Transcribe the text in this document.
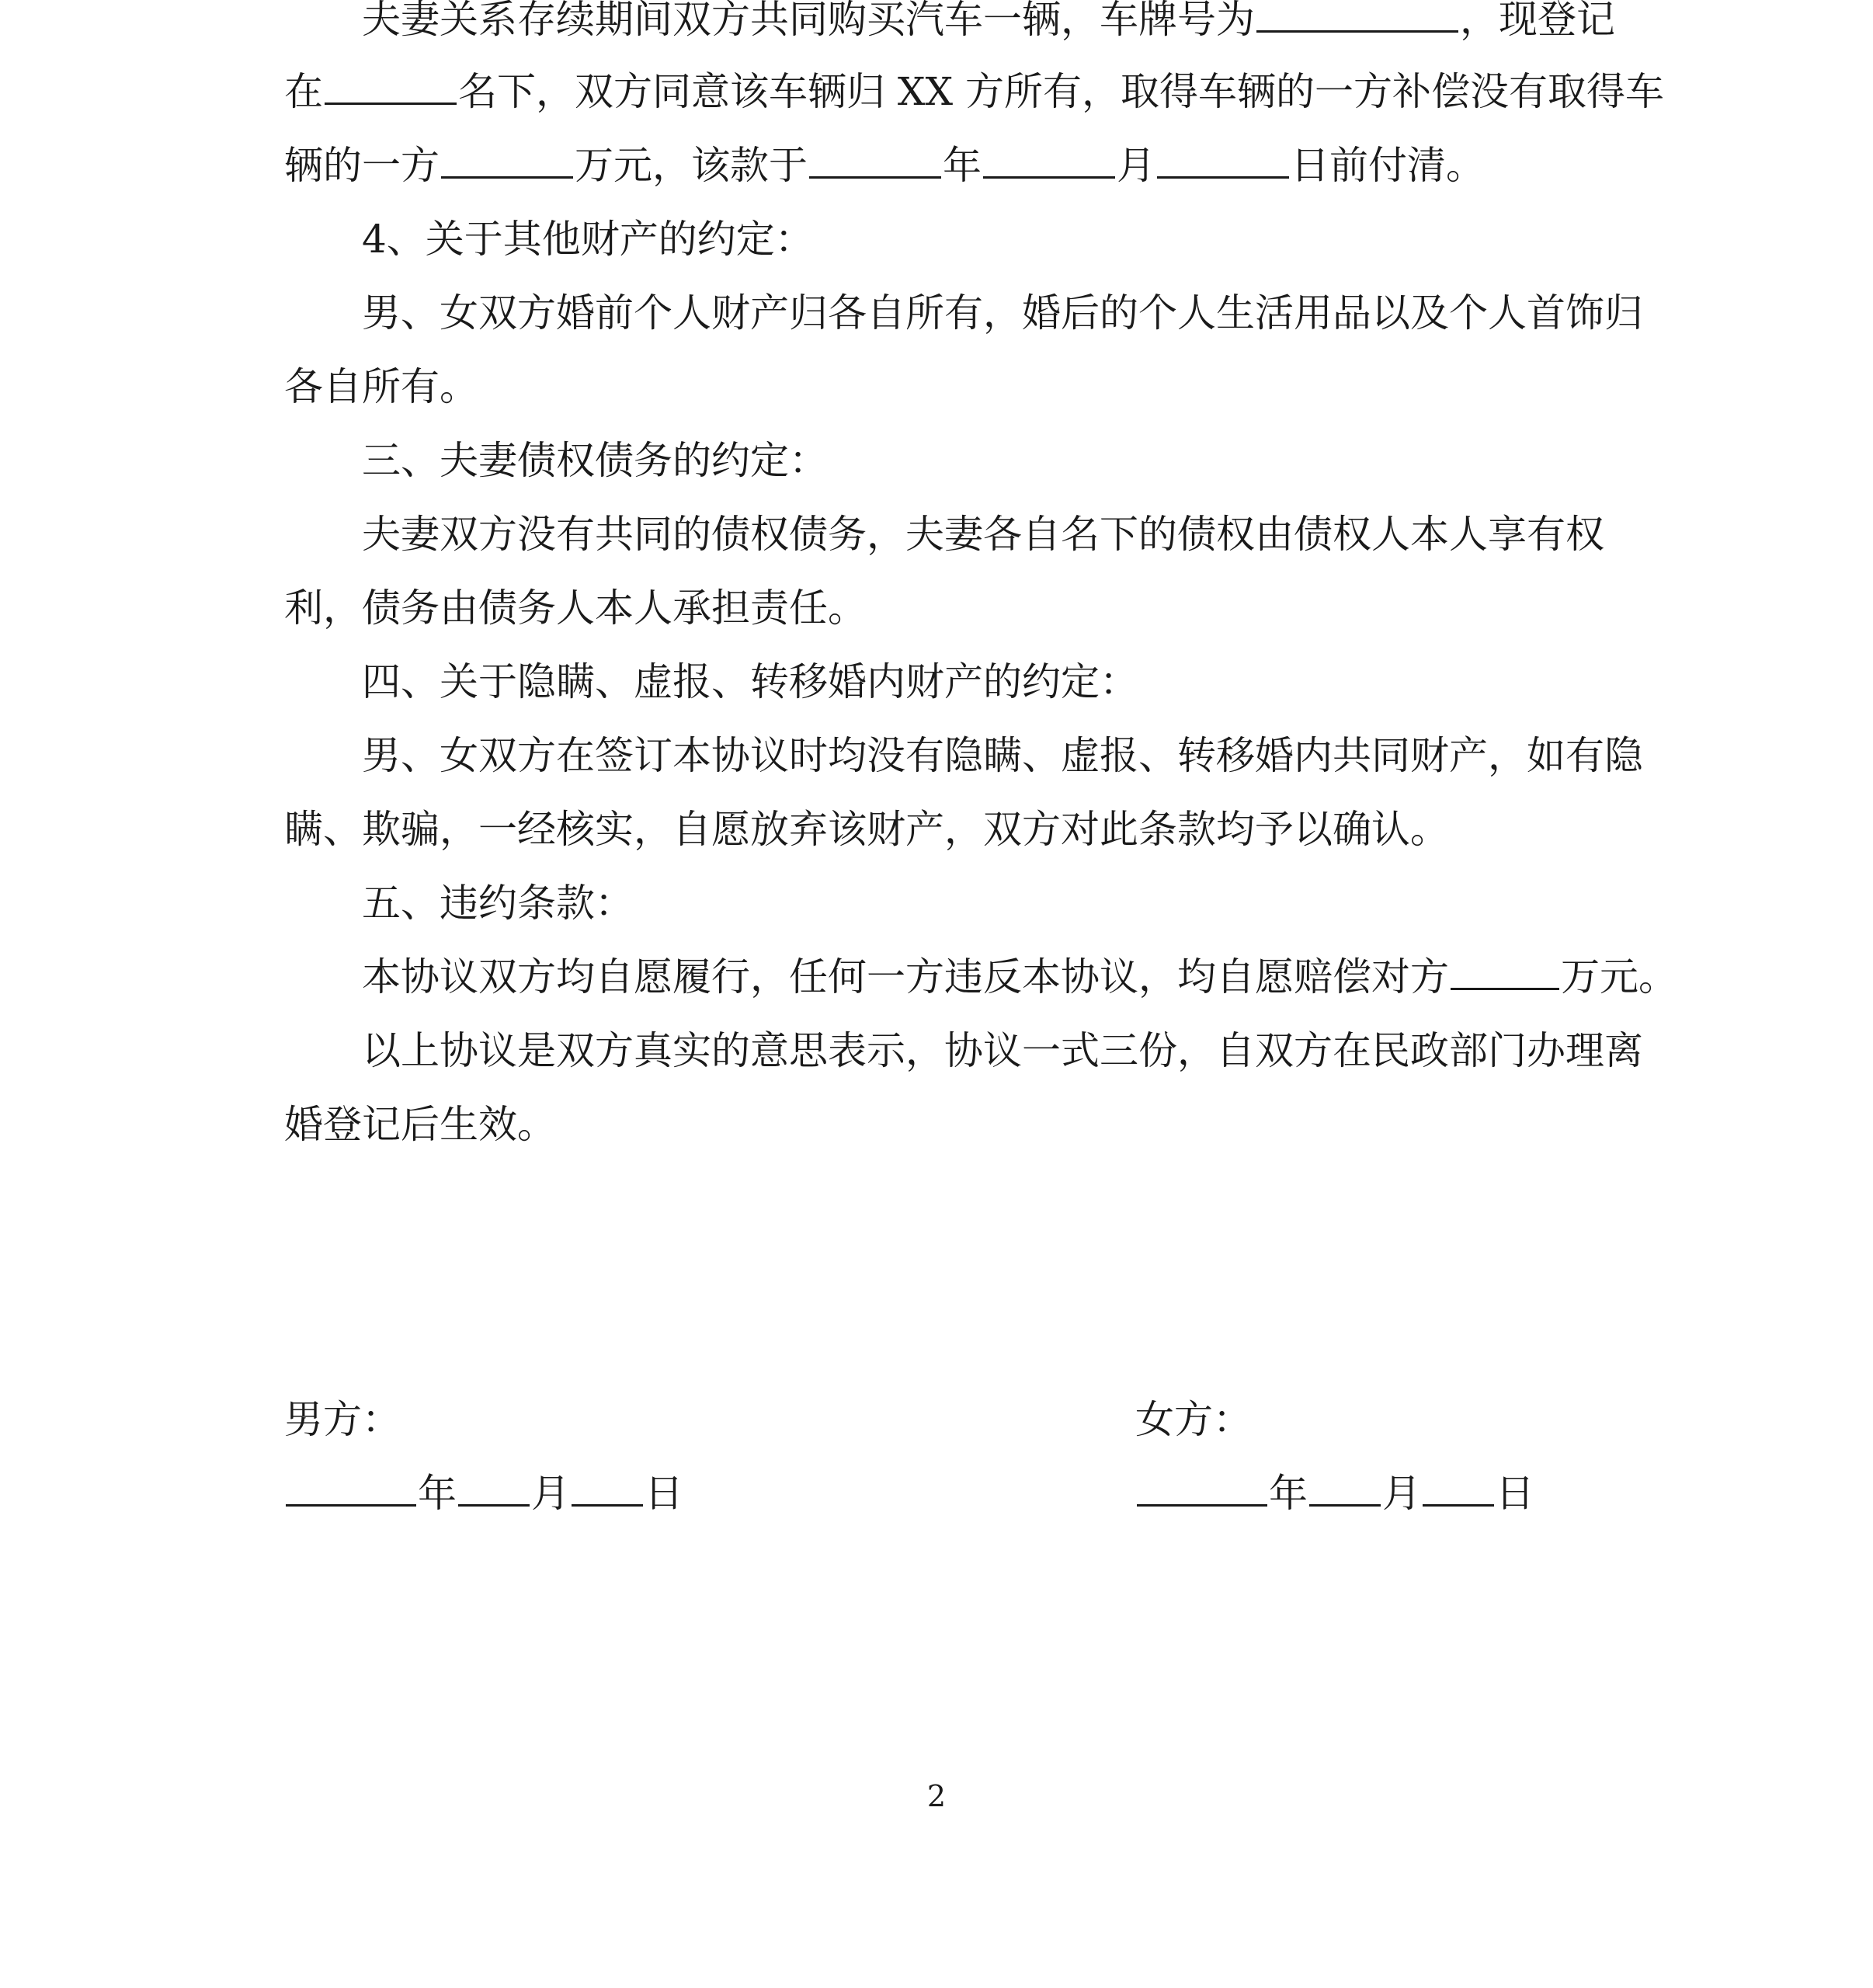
夫妻关系存续期间双方共同购买汽车一辆，车牌号为	，现登记
在	名下，双方同意该车辆归 XX 方所有，取得车辆的一方补偿没有取得车
辆的一方	万元，该款于	年	月	日前付清。
4、关于其他财产的约定：
男、女双方婚前个人财产归各自所有，婚后的个人生活用品以及个人首饰归
各自所有。
三、夫妻债权债务的约定：
夫妻双方没有共同的债权债务，夫妻各自名下的债权由债权人本人享有权
利，债务由债务人本人承担责任。
四、关于隐瞒、虚报、转移婚内财产的约定：
男、女双方在签订本协议时均没有隐瞒、虚报、转移婚内共同财产，如有隐
瞒、欺骗，一经核实，自愿放弃该财产，双方对此条款均予以确认。
五、违约条款：
本协议双方均自愿履行，任何一方违反本协议，均自愿赔偿对方	万元。
以上协议是双方真实的意思表示，协议一式三份，自双方在民政部门办理离
婚登记后生效。
男方：
年 月 日
女方：
年 月 日
2
